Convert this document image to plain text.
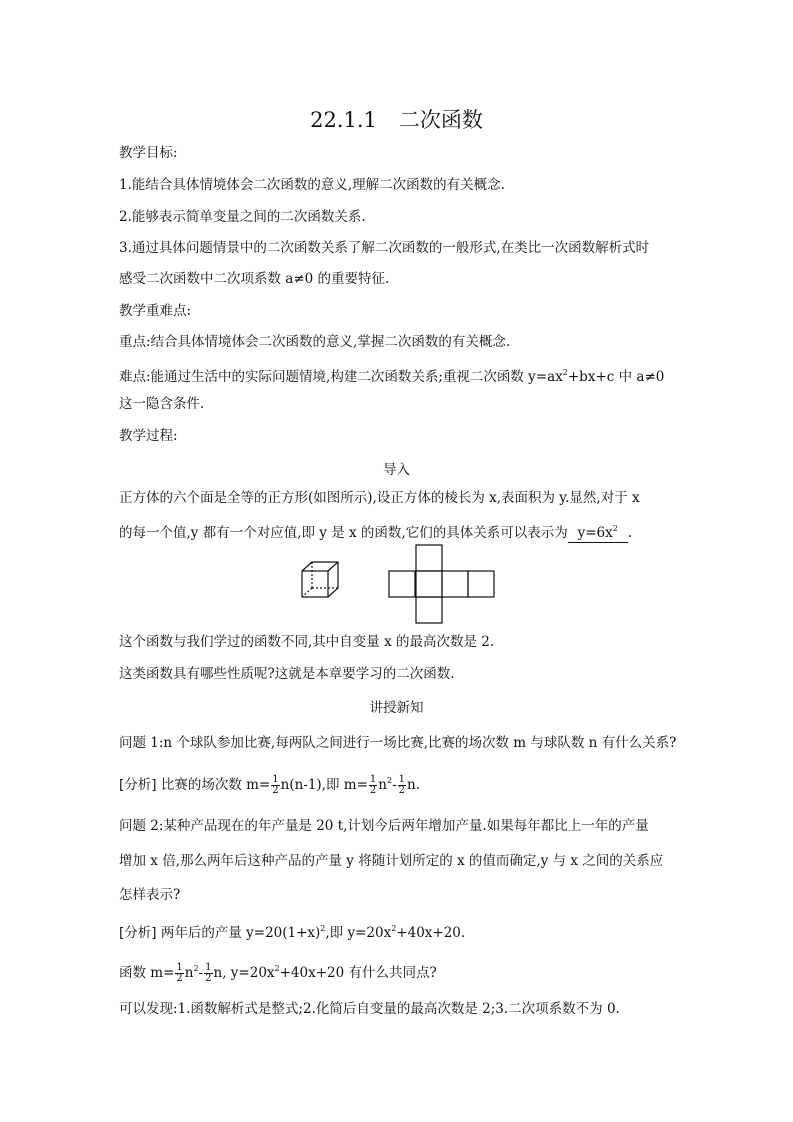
22.1.1 二次函数
教学目标:
1.能结合具体情境体会二次函数的意义,理解二次函数的有关概念.
2.能够表示简单变量之间的二次函数关系.
3.通过具体问题情景中的二次函数关系了解二次函数的一般形式,在类比一次函数解析式时
感受二次函数中二次项系数 a≠0 的重要特征.
教学重难点:
重点:结合具体情境体会二次函数的意义,掌握二次函数的有关概念.
难点:能通过生活中的实际问题情境,构建二次函数关系;重视二次函数 $y=ax^2+bx+c$ 中 a≠0
这一隐含条件.
教学过程:
导入
正方体的六个面是全等的正方形(如图所示),设正方体的棱长为 x,表面积为 y.显然,对于 x
的每一个值,y 都有一个对应值,即 y 是 x 的函数,它们的具体关系可以表示为 $y=6x^2$ .
这个函数与我们学过的函数不同,其中自变量 x 的最高次数是 2.
这类函数具有哪些性质呢?这就是本章要学习的二次函数.
讲授新知
问题 1:n 个球队参加比赛,每两队之间进行一场比赛,比赛的场次数 m 与球队数 n 有什么关系?
[分析] 比赛的场次数 $m= \frac{1}{2} n(n-1)$,即 $m= \frac{1}{2} n^2- \frac{1}{2} n$.
问题 2:某种产品现在的年产量是 20 t,计划今后两年增加产量.如果每年都比上一年的产量
增加 x 倍,那么两年后这种产品的产量 y 将随计划所定的 x 的值而确定,y 与 x 之间的关系应
怎样表示?
[分析] 两年后的产量 $y=20(1+x)^2$,即 $y=20x^2+40x+20$.
函数 $m= \frac{1}{2} n^2- \frac{1}{2} n$, $y=20x^2+40x+20$ 有什么共同点?
可以发现:1.函数解析式是整式;2.化简后自变量的最高次数是 2;3.二次项系数不为 0.
